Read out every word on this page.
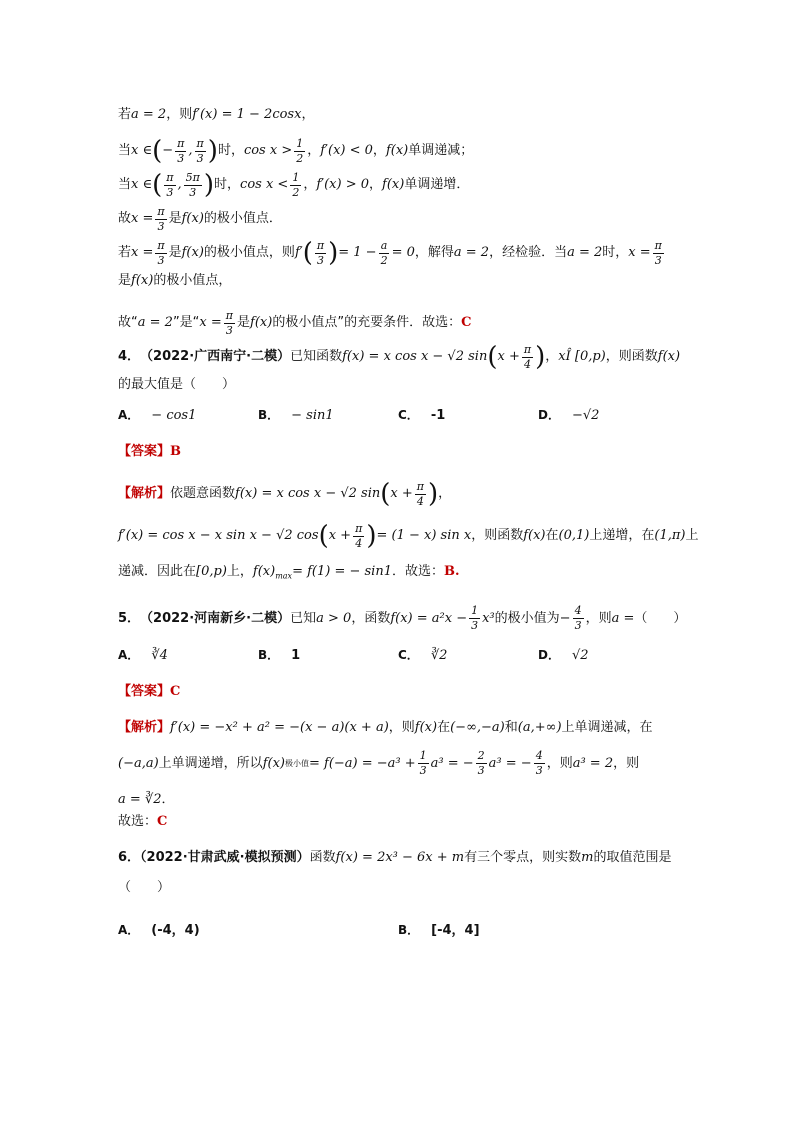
若a = 2，则f′(x) = 1 − 2cosx，
当 x ∈ ( − $\frac{\pi}{3}$ , $\frac{\pi}{3}$ ) 时， $\cos x > \frac{1}{2}$ ， f′(x) < 0 ， f(x) 单调递减；
当 x ∈ ( $\frac{\pi}{3}$ , $\frac{5\pi}{3}$ ) 时， $\cos x < \frac{1}{2}$ ， f′(x) > 0 ， f(x) 单调递增．
故 $x = \frac{\pi}{3}$ 是 f(x) 的极小值点．
若 $x = \frac{\pi}{3}$ 是 f(x) 的极小值点，则 f′ ( $\frac{\pi}{3}$ ) = $1 - \frac{a}{2} = 0$ ，解得 a = 2 ，经检验．当 a = 2 时， $x = \frac{\pi}{3}$
是f(x)的极小值点，
故“ a = 2 ”是“ $x = \frac{\pi}{3}$ 是 f(x) 的极小值点”的充要条件．故选： C
4． （2022·广西南宁·二模） 已知函数 f(x) = x cos x − √2 sin ( $x + \frac{\pi}{4}$ ) ， xÎ [ 0,p ) ，则函数 f(x)
的最大值是（　　）
A． − cos1	B． − sin1	C． -1	D． −√2
【答案】B
【解析】 依题意函数 f(x) = x cos x − √2 sin ( $x + \frac{\pi}{4}$ ) ，
f′(x) = cos x − x sin x − √2 cos ( $x + \frac{\pi}{4}$ ) = (1 − x) sin x ，则函数 f(x) 在 (0,1) 上递增，在 (1,π) 上
递减．因此在[0,p)上，$f(x)_{max}= f(1)$ = − sin1．故选：B.
5． （2022·河南新乡·二模） 已知 a > 0 ，函数 $f(x) = a^2x - \frac{1}{3} x^3$ 的极小值为 − $\frac{4}{3}$ ，则 a = （　　）
A． ∛4	B． 1	C． ∛2	D． √2
【答案】C
【解析】f′(x) = −x² + a² = −(x − a)(x + a)，则f(x)在(−∞,−a)和(a,+∞)上单调递减，在
(−a,a) 上单调递增，所以 f(x) 极小值 = $f(-a) = -a^3 + \frac{1}{3} a^3$ = − $\frac{2}{3} a^3$ = − $\frac{4}{3}$ ，则 a³ = 2 ，则
a = ∛2．
故选：C
6．（2022·甘肃武威·模拟预测）函数f(x) = 2x³ − 6x + m有三个零点，则实数m的取值范围是
（　　）
A． (-4，4)	B． [-4，4]
